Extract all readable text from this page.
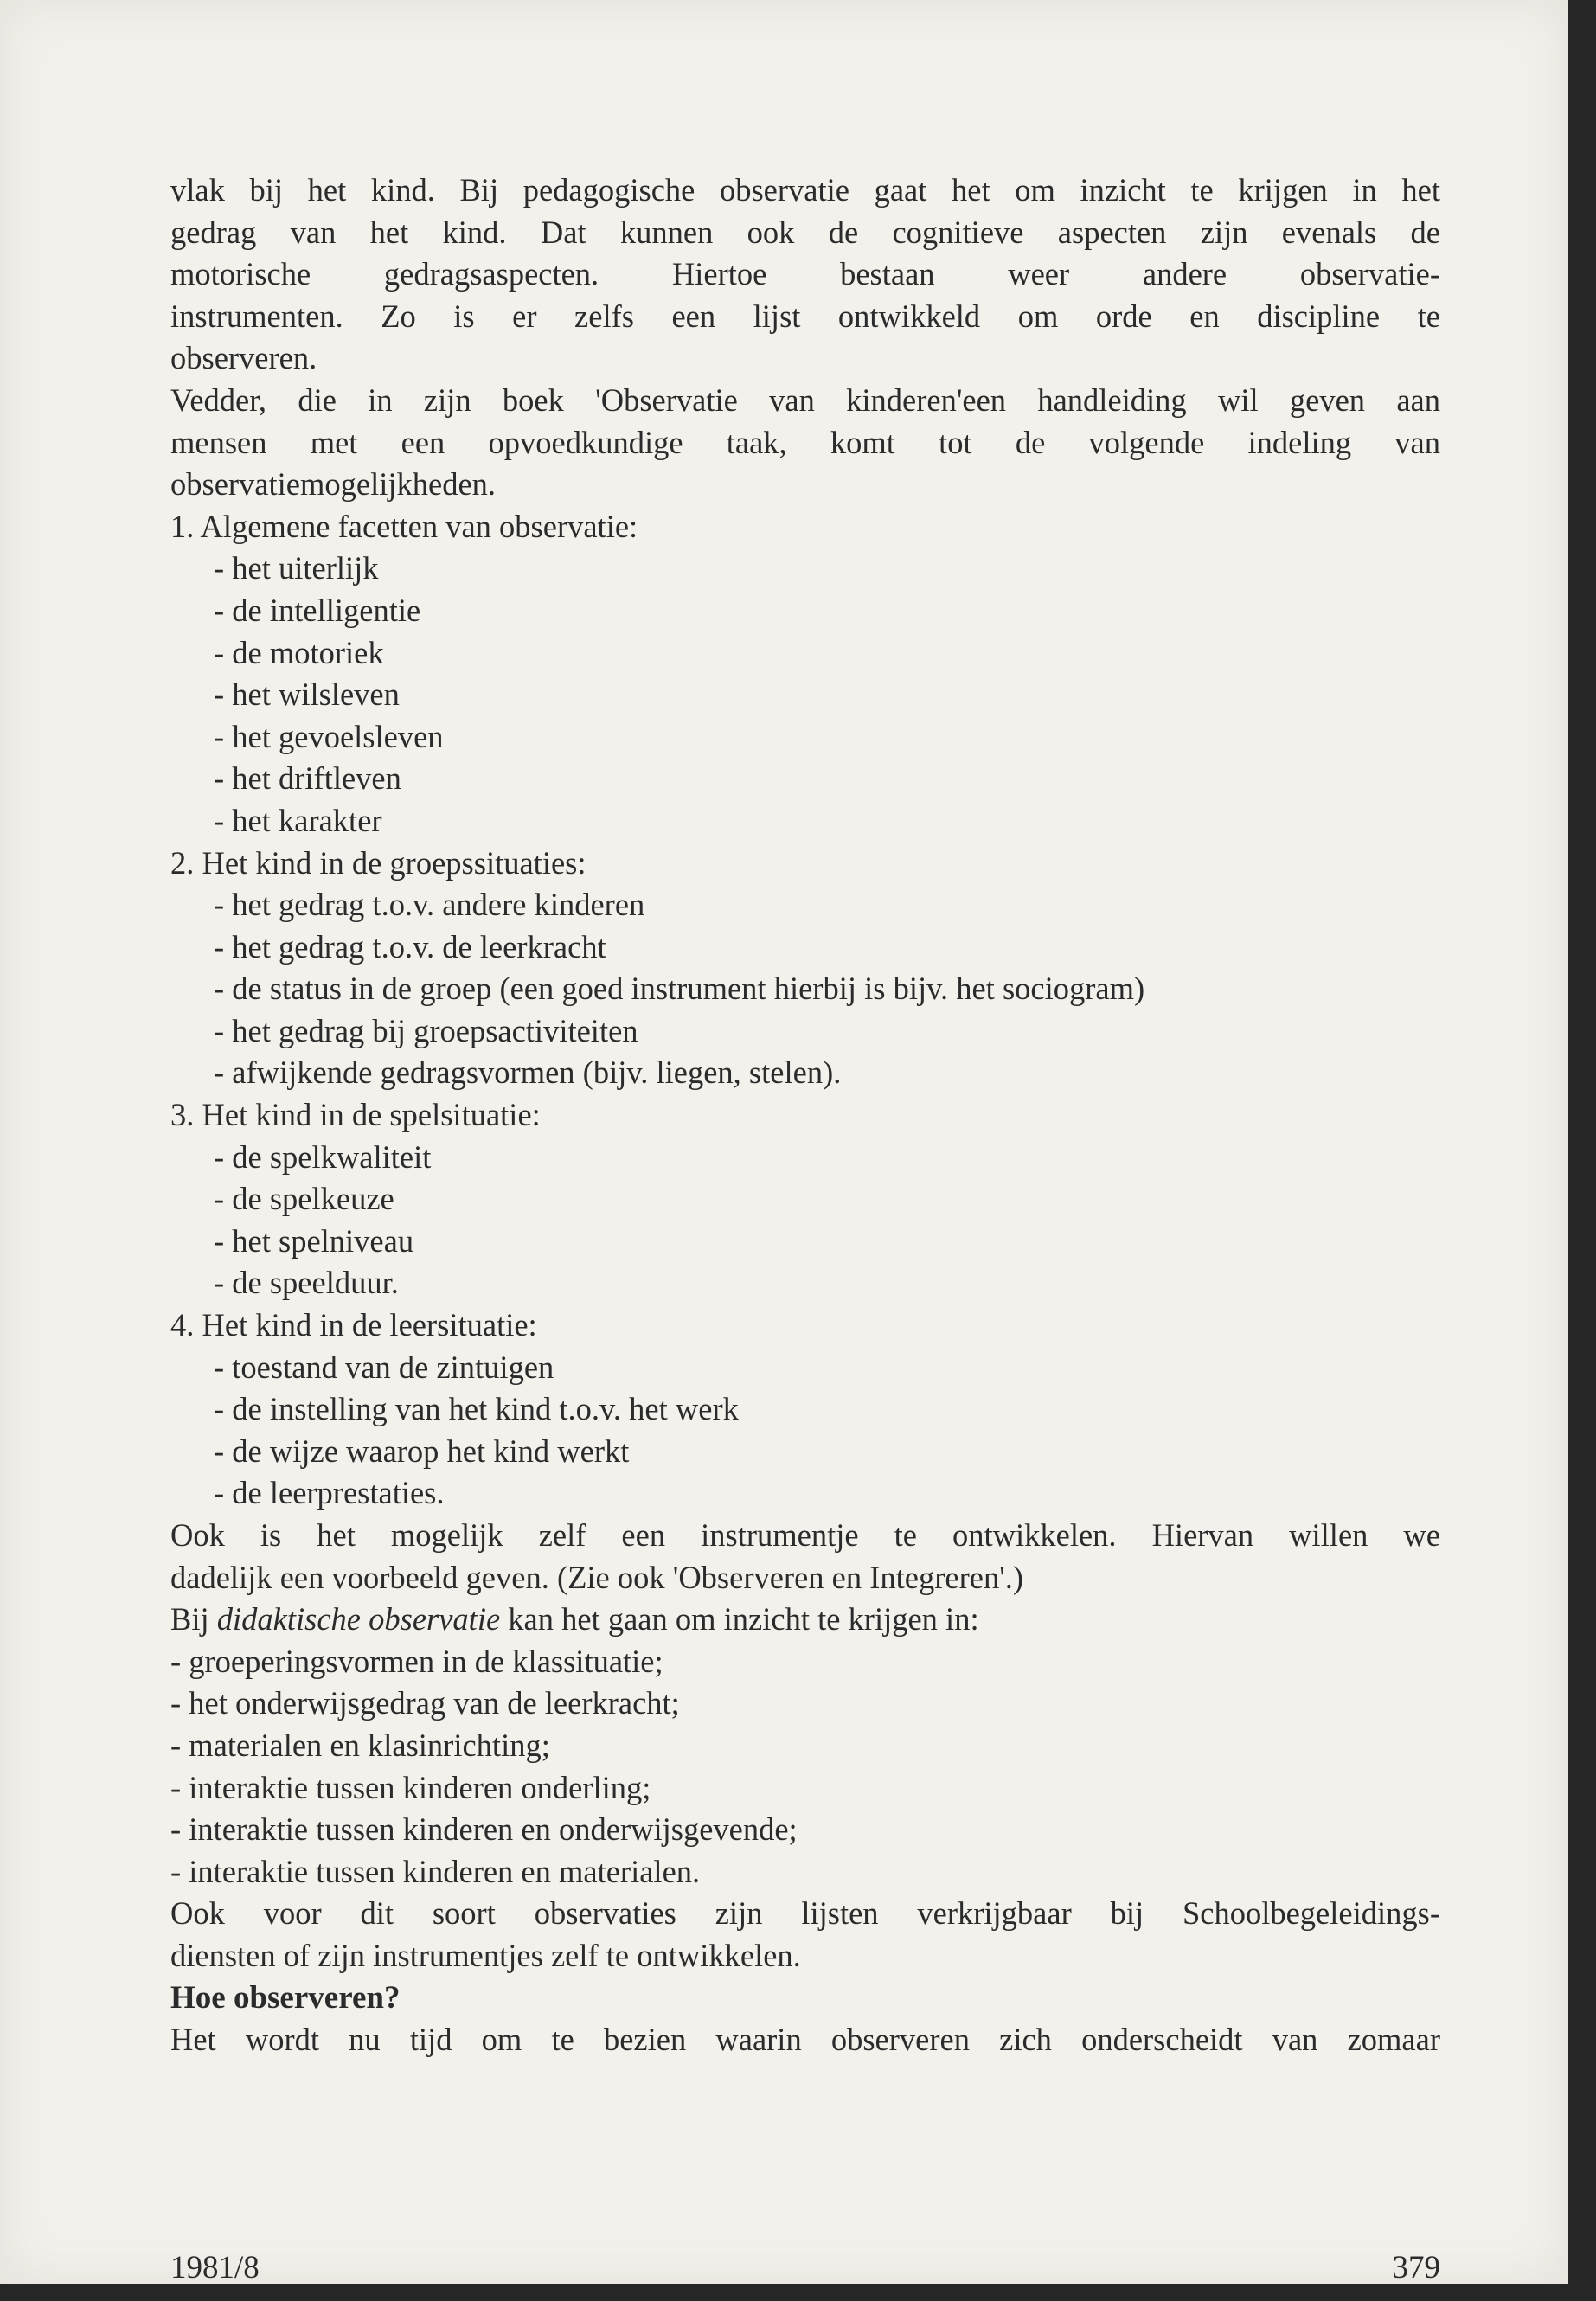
vlak bij het kind. Bij pedagogische observatie gaat het om inzicht te krijgen in het

gedrag van het kind. Dat kunnen ook de cognitieve aspecten zijn evenals de

motorische gedragsaspecten. Hiertoe bestaan weer andere observatie-

instrumenten. Zo is er zelfs een lijst ontwikkeld om orde en discipline te

observeren.

Vedder, die in zijn boek 'Observatie van kinderen'een handleiding wil geven aan

mensen met een opvoedkundige taak, komt tot de volgende indeling van

observatiemogelijkheden.

1. Algemene facetten van observatie:

- het uiterlijk

- de intelligentie

- de motoriek

- het wilsleven

- het gevoelsleven

- het driftleven

- het karakter

2. Het kind in de groepssituaties:

- het gedrag t.o.v. andere kinderen

- het gedrag t.o.v. de leerkracht

- de status in de groep (een goed instrument hierbij is bijv. het sociogram)

- het gedrag bij groepsactiviteiten

- afwijkende gedragsvormen (bijv. liegen, stelen).

3. Het kind in de spelsituatie:

- de spelkwaliteit

- de spelkeuze

- het spelniveau

- de speelduur.

4. Het kind in de leersituatie:

- toestand van de zintuigen

- de instelling van het kind t.o.v. het werk

- de wijze waarop het kind werkt

- de leerprestaties.

Ook is het mogelijk zelf een instrumentje te ontwikkelen. Hiervan willen we

dadelijk een voorbeeld geven. (Zie ook 'Observeren en Integreren'.)

Bij didaktische observatie kan het gaan om inzicht te krijgen in:

- groeperingsvormen in de klassituatie;

- het onderwijsgedrag van de leerkracht;

- materialen en klasinrichting;

- interaktie tussen kinderen onderling;

- interaktie tussen kinderen en onderwijsgevende;

- interaktie tussen kinderen en materialen.

Ook voor dit soort observaties zijn lijsten verkrijgbaar bij Schoolbegeleidings-

diensten of zijn instrumentjes zelf te ontwikkelen.

Hoe observeren?

Het wordt nu tijd om te bezien waarin observeren zich onderscheidt van zomaar

1981/8	379
